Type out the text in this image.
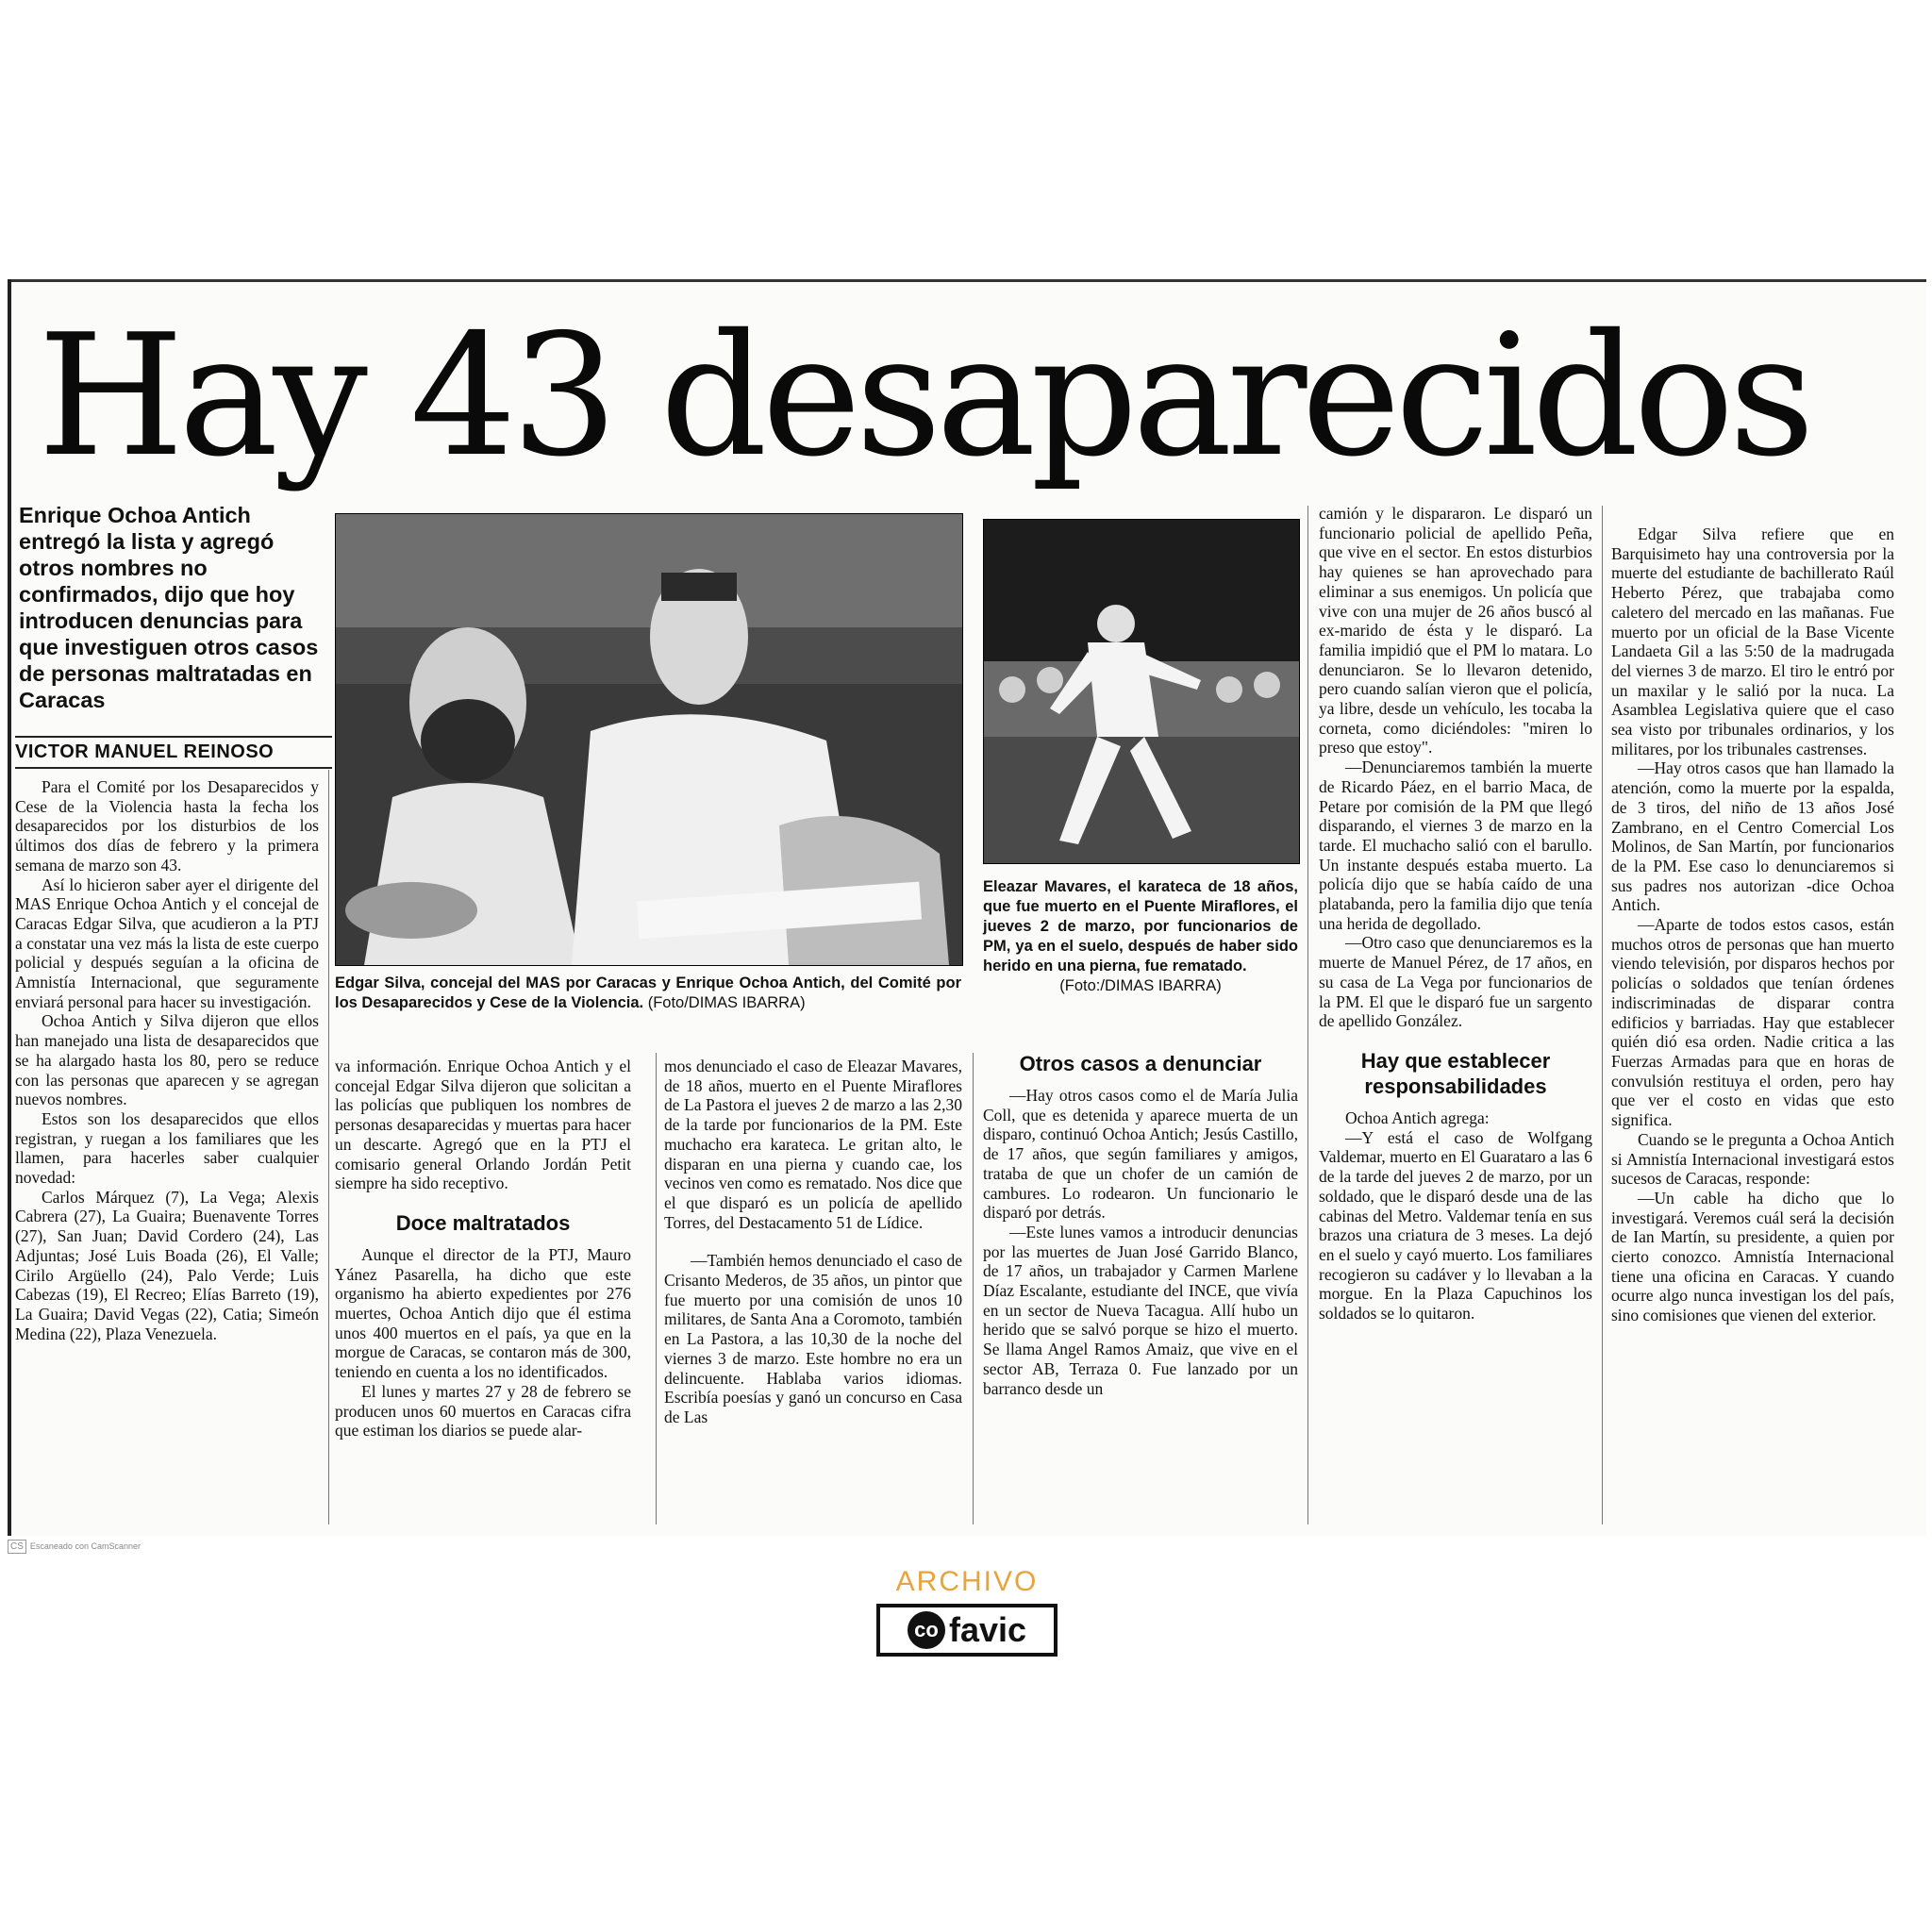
Hay 43 desaparecidos
Enrique Ochoa Antich entregó la lista y agregó otros nombres no confirmados, dijo que hoy introducen denuncias para que investiguen otros casos de personas maltratadas en Caracas
VICTOR MANUEL REINOSO

Para el Comité por los Desaparecidos y Cese de la Violencia hasta la fecha los desaparecidos por los disturbios de los últimos dos días de febrero y la primera semana de marzo son 43.

Así lo hicieron saber ayer el dirigente del MAS Enrique Ochoa Antich y el concejal de Caracas Edgar Silva, que acudieron a la PTJ a constatar una vez más la lista de este cuerpo policial y después seguían a la oficina de Amnistía Internacional, que seguramente enviará personal para hacer su investigación.

Ochoa Antich y Silva dijeron que ellos han manejado una lista de desaparecidos que se ha alargado hasta los 80, pero se reduce con las personas que aparecen y se agregan nuevos nombres.

Estos son los desaparecidos que ellos registran, y ruegan a los familiares que les llamen, para hacerles saber cualquier novedad:

Carlos Márquez (7), La Vega; Alexis Cabrera (27), La Guaira; Buenavente Torres (27), San Juan; David Cordero (24), Las Adjuntas; José Luis Boada (26), El Valle; Cirilo Argüello (24), Palo Verde; Luis Cabezas (19), El Recreo; Elías Barreto (19), La Guaira; David Vegas (22), Catia; Simeón Medina (22), Plaza Venezuela.

Edgar Silva, concejal del MAS por Caracas y Enrique Ochoa Antich, del Comité por los Desaparecidos y Cese de la Violencia. (Foto/DIMAS IBARRA)

va información. Enrique Ochoa Antich y el concejal Edgar Silva dijeron que solicitan a las policías que publiquen los nombres de personas desaparecidas y muertas para hacer un descarte. Agregó que en la PTJ el comisario general Orlando Jordán Petit siempre ha sido receptivo.

Doce maltratados

Aunque el director de la PTJ, Mauro Yánez Pasarella, ha dicho que este organismo ha abierto expedientes por 276 muertes, Ochoa Antich dijo que él estima unos 400 muertos en el país, ya que en la morgue de Caracas, se contaron más de 300, teniendo en cuenta a los no identificados.

El lunes y martes 27 y 28 de febrero se producen unos 60 muertos en Caracas cifra que estiman los diarios se puede alar-

mos denunciado el caso de Eleazar Mavares, de 18 años, muerto en el Puente Miraflores de La Pastora el jueves 2 de marzo a las 2,30 de la tarde por funcionarios de la PM. Este muchacho era karateca. Le gritan alto, le disparan en una pierna y cuando cae, los vecinos ven como es rematado. Nos dice que el que disparó es un policía de apellido Torres, del Destacamento 51 de Lídice.

—También hemos denunciado el caso de Crisanto Mederos, de 35 años, un pintor que fue muerto por una comisión de unos 10 militares, de Santa Ana a Coromoto, también en La Pastora, a las 10,30 de la noche del viernes 3 de marzo. Este hombre no era un delincuente. Hablaba varios idiomas. Escribía poesías y ganó un concurso en Casa de Las

Eleazar Mavares, el karateca de 18 años, que fue muerto en el Puente Miraflores, el jueves 2 de marzo, por funcionarios de PM, ya en el suelo, después de haber sido herido en una pierna, fue rematado.
(Foto:/DIMAS IBARRA)
Otros casos a denunciar

—Hay otros casos como el de María Julia Coll, que es detenida y aparece muerta de un disparo, continuó Ochoa Antich; Jesús Castillo, de 17 años, que según familiares y amigos, trataba de que un chofer de un camión de cambures. Lo rodearon. Un funcionario le disparó por detrás.

—Este lunes vamos a introducir denuncias por las muertes de Juan José Garrido Blanco, de 17 años, un trabajador y Carmen Marlene Díaz Escalante, estudiante del INCE, que vivía en un sector de Nueva Tacagua. Allí hubo un herido que se salvó porque se hizo el muerto. Se llama Angel Ramos Amaiz, que vive en el sector AB, Terraza 0. Fue lanzado por un barranco desde un

camión y le dispararon. Le disparó un funcionario policial de apellido Peña, que vive en el sector. En estos disturbios hay quienes se han aprovechado para eliminar a sus enemigos. Un policía que vive con una mujer de 26 años buscó al ex-marido de ésta y le disparó. La familia impidió que el PM lo matara. Lo denunciaron. Se lo llevaron detenido, pero cuando salían vieron que el policía, ya libre, desde un vehículo, les tocaba la corneta, como diciéndoles: "miren lo preso que estoy".

—Denunciaremos también la muerte de Ricardo Páez, en el barrio Maca, de Petare por comisión de la PM que llegó disparando, el viernes 3 de marzo en la tarde. El muchacho salió con el barullo. Un instante después estaba muerto. La policía dijo que se había caído de una platabanda, pero la familia dijo que tenía una herida de degollado.

—Otro caso que denunciaremos es la muerte de Manuel Pérez, de 17 años, en su casa de La Vega por funcionarios de la PM. El que le disparó fue un sargento de apellido González.

Hay que establecer responsabilidades

Ochoa Antich agrega:

—Y está el caso de Wolfgang Valdemar, muerto en El Guarataro a las 6 de la tarde del jueves 2 de marzo, por un soldado, que le disparó desde una de las cabinas del Metro. Valdemar tenía en sus brazos una criatura de 3 meses. La dejó en el suelo y cayó muerto. Los familiares recogieron su cadáver y lo llevaban a la morgue. En la Plaza Capuchinos los soldados se lo quitaron.

Edgar Silva refiere que en Barquisimeto hay una controversia por la muerte del estudiante de bachillerato Raúl Heberto Pérez, que trabajaba como caletero del mercado en las mañanas. Fue muerto por un oficial de la Base Vicente Landaeta Gil a las 5:50 de la madrugada del viernes 3 de marzo. El tiro le entró por un maxilar y le salió por la nuca. La Asamblea Legislativa quiere que el caso sea visto por tribunales ordinarios, y los militares, por los tribunales castrenses.

—Hay otros casos que han llamado la atención, como la muerte por la espalda, de 3 tiros, del niño de 13 años José Zambrano, en el Centro Comercial Los Molinos, de San Martín, por funcionarios de la PM. Ese caso lo denunciaremos si sus padres nos autorizan -dice Ochoa Antich.

—Aparte de todos estos casos, están muchos otros de personas que han muerto viendo televisión, por disparos hechos por policías o soldados que tenían órdenes indiscriminadas de disparar contra edificios y barriadas. Hay que establecer quién dió esa orden. Nadie critica a las Fuerzas Armadas para que en horas de convulsión restituya el orden, pero hay que ver el costo en vidas que esto significa.

Cuando se le pregunta a Ochoa Antich si Amnistía Internacional investigará estos sucesos de Caracas, responde:

—Un cable ha dicho que lo investigará. Veremos cuál será la decisión de Ian Martín, su presidente, a quien por cierto conozco. Amnistía Internacional tiene una oficina en Caracas. Y cuando ocurre algo nunca investigan los del país, sino comisiones que vienen del exterior.

CS Escaneado con CamScanner
ARCHIVO
co favic
